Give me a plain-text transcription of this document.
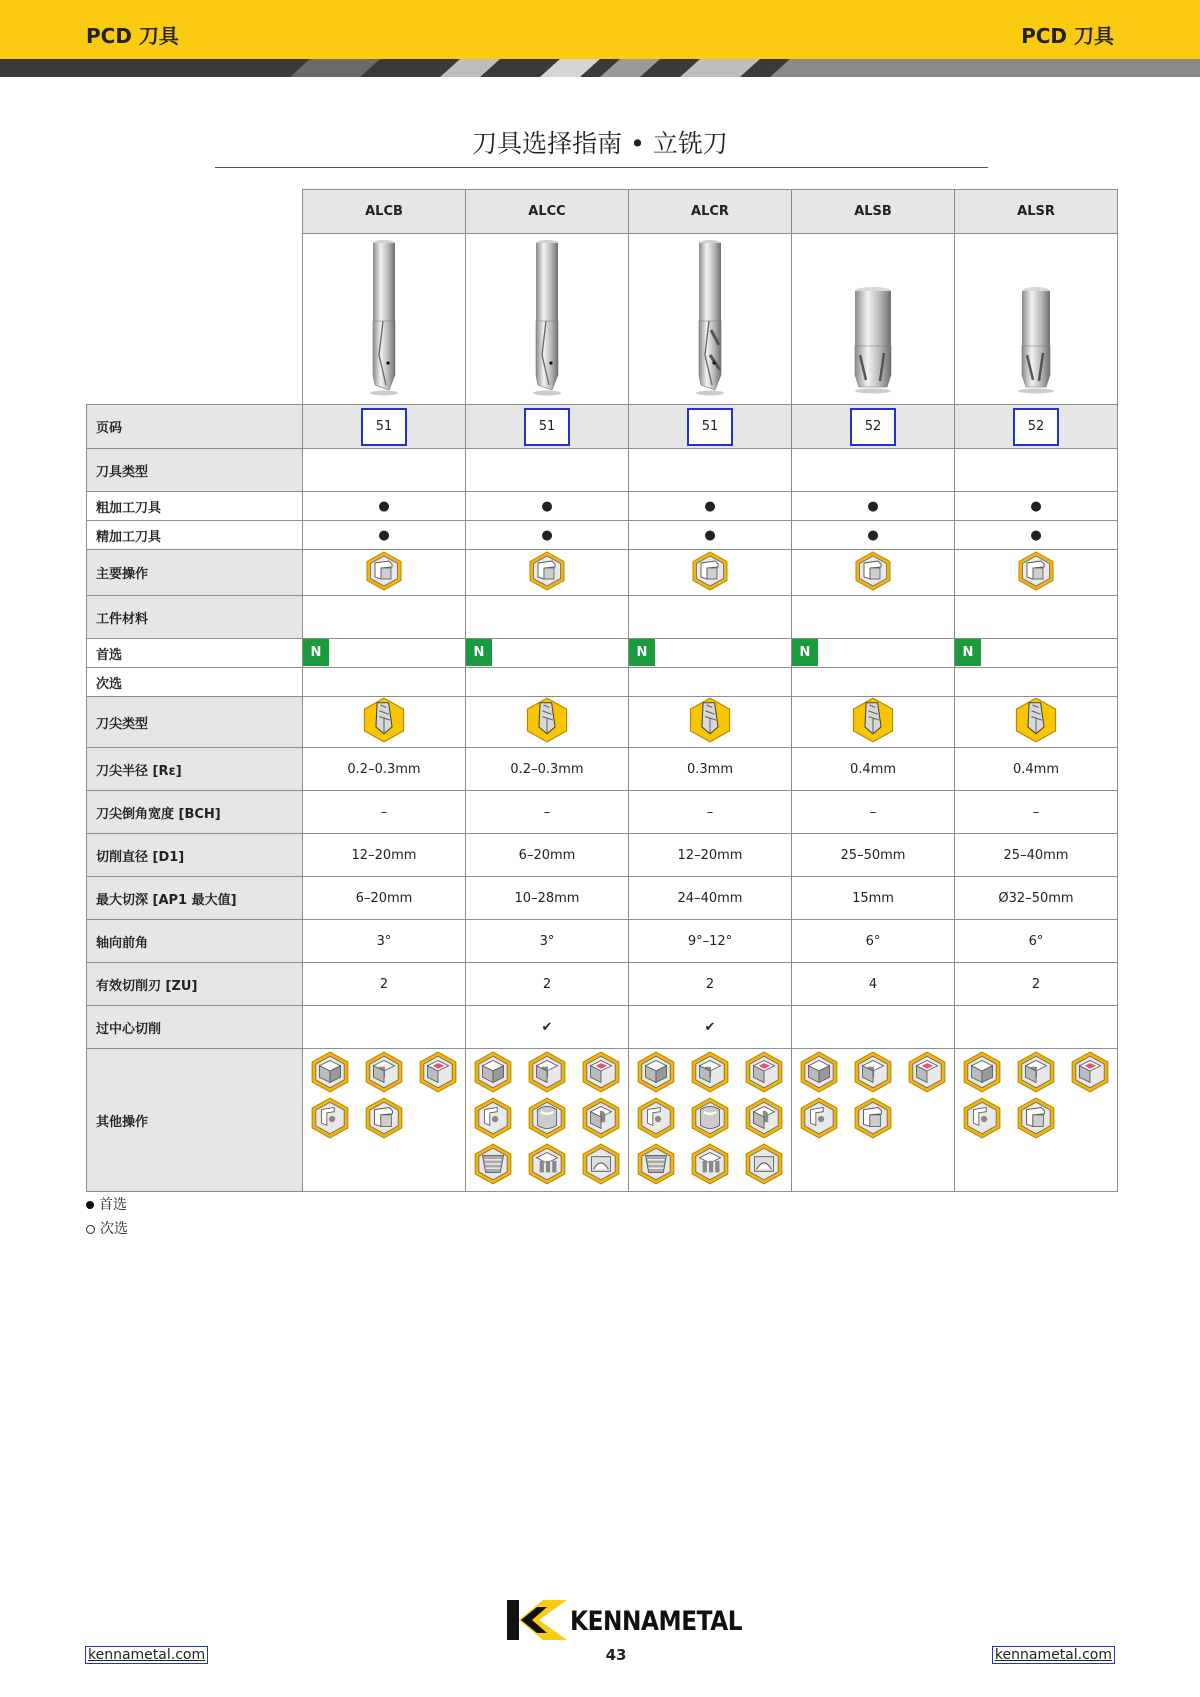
PCD 刀具	PCD 刀具
刀具选择指南 • 立铣刀
	ALCB	ALCC	ALCR	ALSB	ALSR

页码	51	51	51	52	52
刀具类型					
粗加工刀具	●	●	●	●	●
精加工刀具	●	●	●	●	●
主要操作					
工件材料					
首选	N	N	N	N	N

次选					
刀尖类型					
刀尖半径 [Rε]	0.2–0.3mm	0.2–0.3mm	0.3mm	0.4mm	0.4mm
刀尖倒角宽度 [BCH]	–	–	–	–	–
切削直径 [D1]	12–20mm	6–20mm	12–20mm	25–50mm	25–40mm
最大切深 [AP1 最大值]	6–20mm	10–28mm	24–40mm	15mm	Ø32–50mm
轴向前角	3°	3°	9°–12°	6°	6°
有效切削刃 [ZU]	2	2	2	4	2
过中心切削		✔	✔		
其他操作	

首选
次选
KENNAMETAL
kennametal.com	43	kennametal.com
